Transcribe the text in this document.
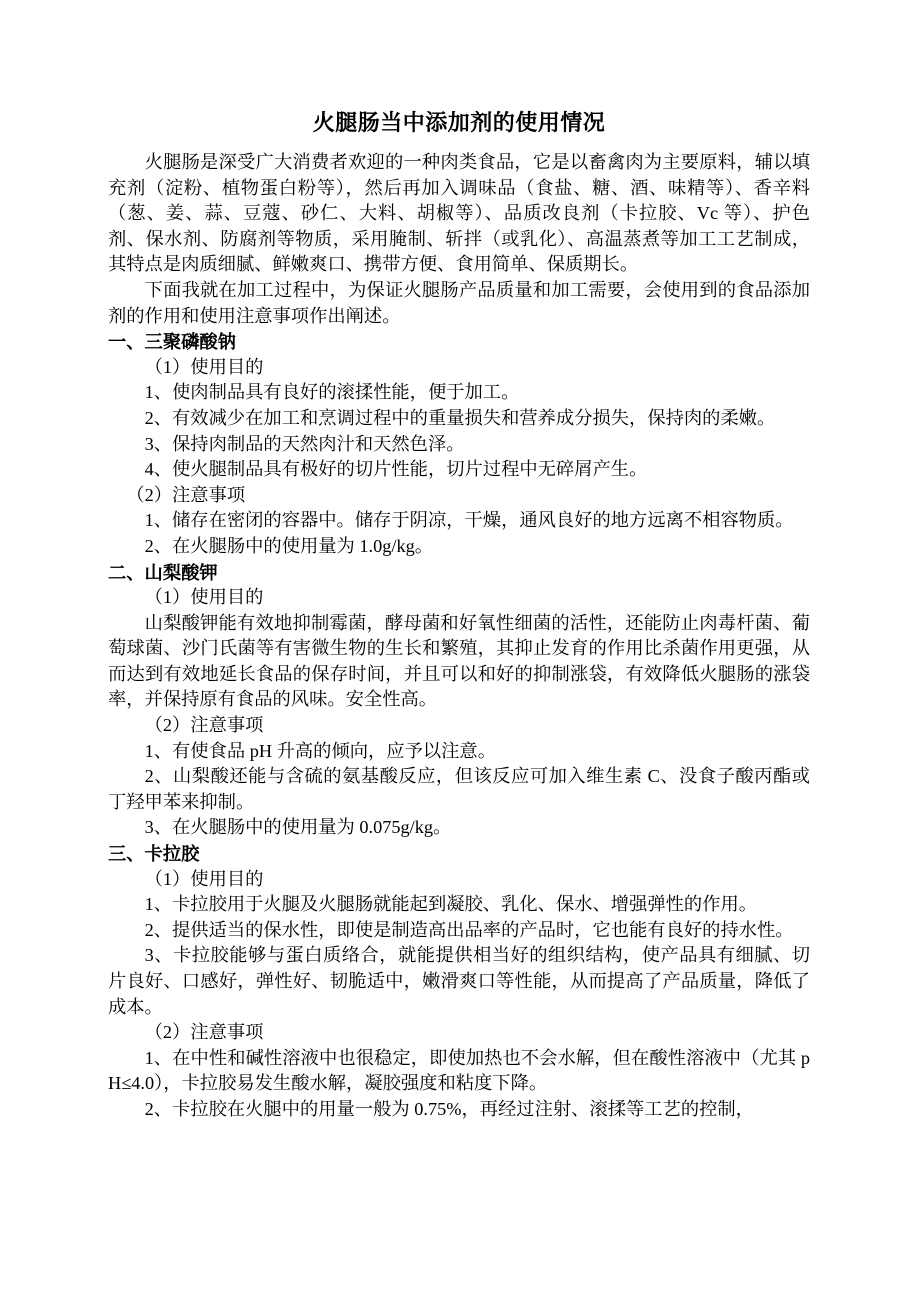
火腿肠当中添加剂的使用情况

火腿肠是深受广大消费者欢迎的一种肉类食品，它是以畜禽肉为主要原料，辅以填充剂（淀粉、植物蛋白粉等），然后再加入调味品（食盐、糖、酒、味精等）、香辛料（葱、姜、蒜、豆蔻、砂仁、大料、胡椒等）、品质改良剂（卡拉胶、Vc 等）、护色剂、保水剂、防腐剂等物质，采用腌制、斩拌（或乳化）、高温蒸煮等加工工艺制成，其特点是肉质细腻、鲜嫩爽口、携带方便、食用简单、保质期长。

下面我就在加工过程中，为保证火腿肠产品质量和加工需要，会使用到的食品添加剂的作用和使用注意事项作出阐述。

一、三聚磷酸钠

（1）使用目的

1、使肉制品具有良好的滚揉性能，便于加工。

2、有效减少在加工和烹调过程中的重量损失和营养成分损失，保持肉的柔嫩。

3、保持肉制品的天然肉汁和天然色泽。

4、使火腿制品具有极好的切片性能，切片过程中无碎屑产生。

（2）注意事项

1、储存在密闭的容器中。储存于阴凉，干燥，通风良好的地方远离不相容物质。

2、在火腿肠中的使用量为 1.0g/kg。

二、山梨酸钾

（1）使用目的

山梨酸钾能有效地抑制霉菌，酵母菌和好氧性细菌的活性，还能防止肉毒杆菌、葡萄球菌、沙门氏菌等有害微生物的生长和繁殖，其抑止发育的作用比杀菌作用更强，从而达到有效地延长食品的保存时间，并且可以和好的抑制涨袋，有效降低火腿肠的涨袋率，并保持原有食品的风味。安全性高。

（2）注意事项

1、有使食品 pH 升高的倾向，应予以注意。

2、山梨酸还能与含硫的氨基酸反应，但该反应可加入维生素 C、没食子酸丙酯或丁羟甲苯来抑制。

3、在火腿肠中的使用量为 0.075g/kg。

三、卡拉胶

（1）使用目的

1、卡拉胶用于火腿及火腿肠就能起到凝胶、乳化、保水、增强弹性的作用。

2、提供适当的保水性，即使是制造高出品率的产品时，它也能有良好的持水性。

3、卡拉胶能够与蛋白质络合，就能提供相当好的组织结构，使产品具有细腻、切片良好、口感好，弹性好、韧脆适中，嫩滑爽口等性能，从而提高了产品质量，降低了成本。

（2）注意事项

1、在中性和碱性溶液中也很稳定，即使加热也不会水解，但在酸性溶液中（尤其 pH≤4.0），卡拉胶易发生酸水解，凝胶强度和粘度下降。

2、卡拉胶在火腿中的用量一般为 0.75%，再经过注射、滚揉等工艺的控制，
